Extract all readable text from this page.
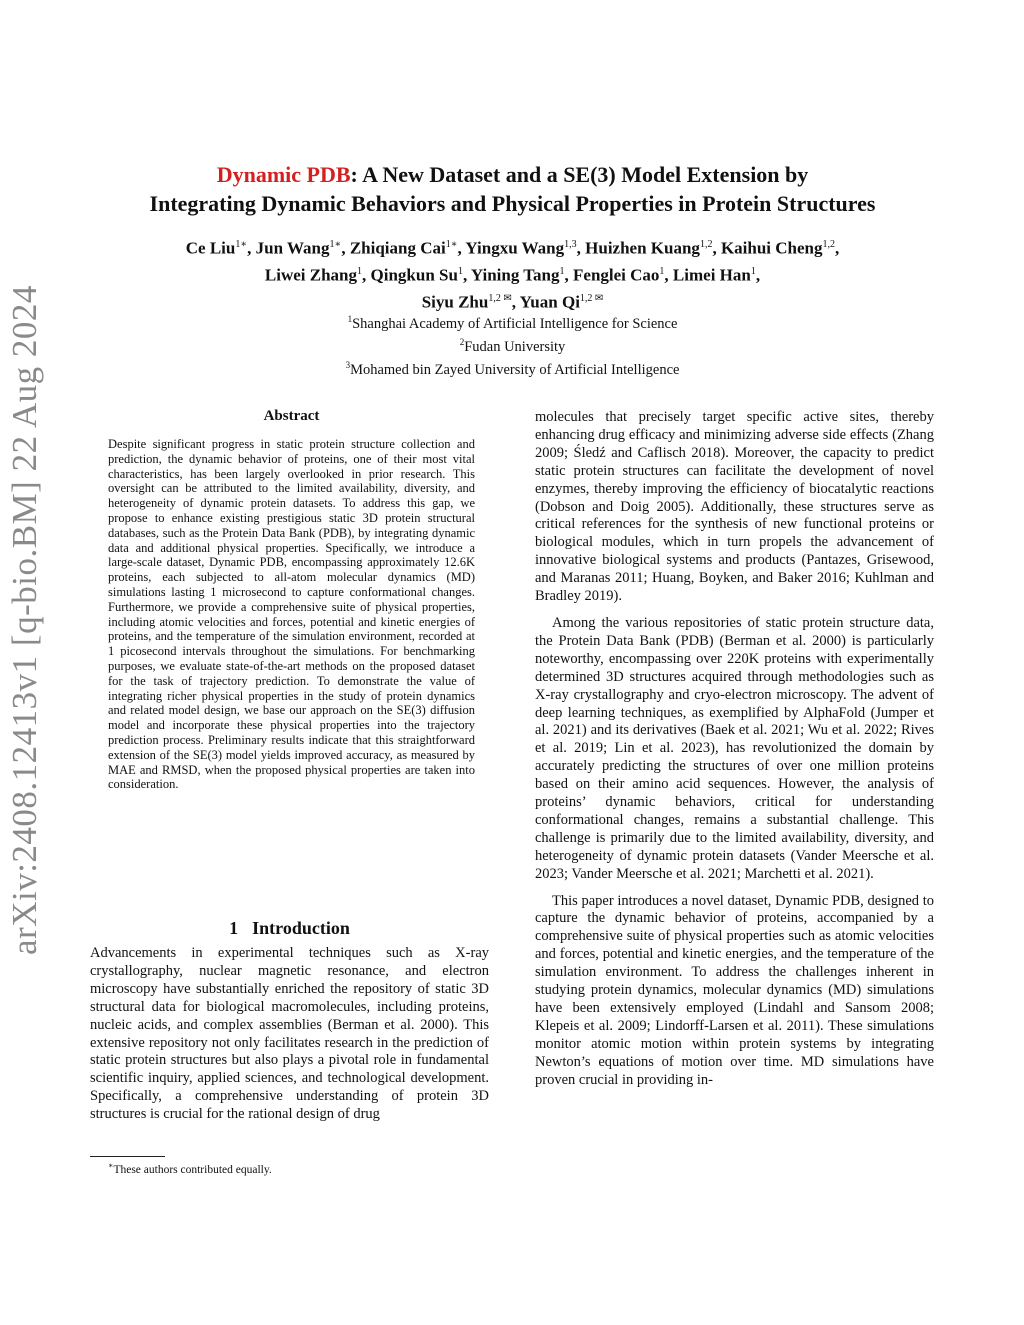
arXiv:2408.12413v1 [q-bio.BM] 22 Aug 2024
Dynamic PDB: A New Dataset and a SE(3) Model Extension by
Integrating Dynamic Behaviors and Physical Properties in Protein Structures
Ce Liu$^{1∗}$, Jun Wang$^{1∗}$, Zhiqiang Cai$^{1∗}$, Yingxu Wang$^{1,3}$, Huizhen Kuang$^{1,2}$, Kaihui Cheng$^{1,2}$,
Liwei Zhang$^1$, Qingkun Su$^1$, Yining Tang$^1$, Fenglei Cao$^1$, Limei Han$^1$,
Siyu Zhu$^{1,2 ✉}$, Yuan $Qi^{1,2 ✉}$
$^1$Shanghai Academy of Artificial Intelligence for Science
$^2$Fudan University
$^3$Mohamed bin Zayed University of Artificial Intelligence
Abstract

Despite significant progress in static protein structure collection and prediction, the dynamic behavior of proteins, one of their most vital characteristics, has been largely overlooked in prior research. This oversight can be attributed to the limited availability, diversity, and heterogeneity of dynamic protein datasets. To address this gap, we propose to enhance existing prestigious static 3D protein structural databases, such as the Protein Data Bank (PDB), by integrating dynamic data and additional physical properties. Specifically, we introduce a large-scale dataset, Dynamic PDB, encompassing approximately 12.6K proteins, each subjected to all-atom molecular dynamics (MD) simulations lasting 1 microsecond to capture conformational changes. Furthermore, we provide a comprehensive suite of physical properties, including atomic velocities and forces, potential and kinetic energies of proteins, and the temperature of the simulation environment, recorded at 1 picosecond intervals throughout the simulations. For benchmarking purposes, we evaluate state-of-the-art methods on the proposed dataset for the task of trajectory prediction. To demonstrate the value of integrating richer physical properties in the study of protein dynamics and related model design, we base our approach on the SE(3) diffusion model and incorporate these physical properties into the trajectory prediction process. Preliminary results indicate that this straightforward extension of the SE(3) model yields improved accuracy, as measured by MAE and RMSD, when the proposed physical properties are taken into consideration.

1 Introduction

Advancements in experimental techniques such as X-ray crystallography, nuclear magnetic resonance, and electron microscopy have substantially enriched the repository of static 3D structural data for biological macromolecules, including proteins, nucleic acids, and complex assemblies (Berman et al. 2000). This extensive repository not only facilitates research in the prediction of static protein structures but also plays a pivotal role in fundamental scientific inquiry, applied sciences, and technological development. Specifically, a comprehensive understanding of protein 3D structures is crucial for the rational design of drug

∗These authors contributed equally.

molecules that precisely target specific active sites, thereby enhancing drug efficacy and minimizing adverse side effects (Zhang 2009; Śledź and Caflisch 2018). Moreover, the capacity to predict static protein structures can facilitate the development of novel enzymes, thereby improving the efficiency of biocatalytic reactions (Dobson and Doig 2005). Additionally, these structures serve as critical references for the synthesis of new functional proteins or biological modules, which in turn propels the advancement of innovative biological systems and products (Pantazes, Grisewood, and Maranas 2011; Huang, Boyken, and Baker 2016; Kuhlman and Bradley 2019).

Among the various repositories of static protein structure data, the Protein Data Bank (PDB) (Berman et al. 2000) is particularly noteworthy, encompassing over 220K proteins with experimentally determined 3D structures acquired through methodologies such as X-ray crystallography and cryo-electron microscopy. The advent of deep learning techniques, as exemplified by AlphaFold (Jumper et al. 2021) and its derivatives (Baek et al. 2021; Wu et al. 2022; Rives et al. 2019; Lin et al. 2023), has revolutionized the domain by accurately predicting the structures of over one million proteins based on their amino acid sequences. However, the analysis of proteins’ dynamic behaviors, critical for understanding conformational changes, remains a substantial challenge. This challenge is primarily due to the limited availability, diversity, and heterogeneity of dynamic protein datasets (Vander Meersche et al. 2023; Vander Meersche et al. 2021; Marchetti et al. 2021).

This paper introduces a novel dataset, Dynamic PDB, designed to capture the dynamic behavior of proteins, accompanied by a comprehensive suite of physical properties such as atomic velocities and forces, potential and kinetic energies, and the temperature of the simulation environment. To address the challenges inherent in studying protein dynamics, molecular dynamics (MD) simulations have been extensively employed (Lindahl and Sansom 2008; Klepeis et al. 2009; Lindorff-Larsen et al. 2011). These simulations monitor atomic motion within protein systems by integrating Newton’s equations of motion over time. MD simulations have proven crucial in providing in-
